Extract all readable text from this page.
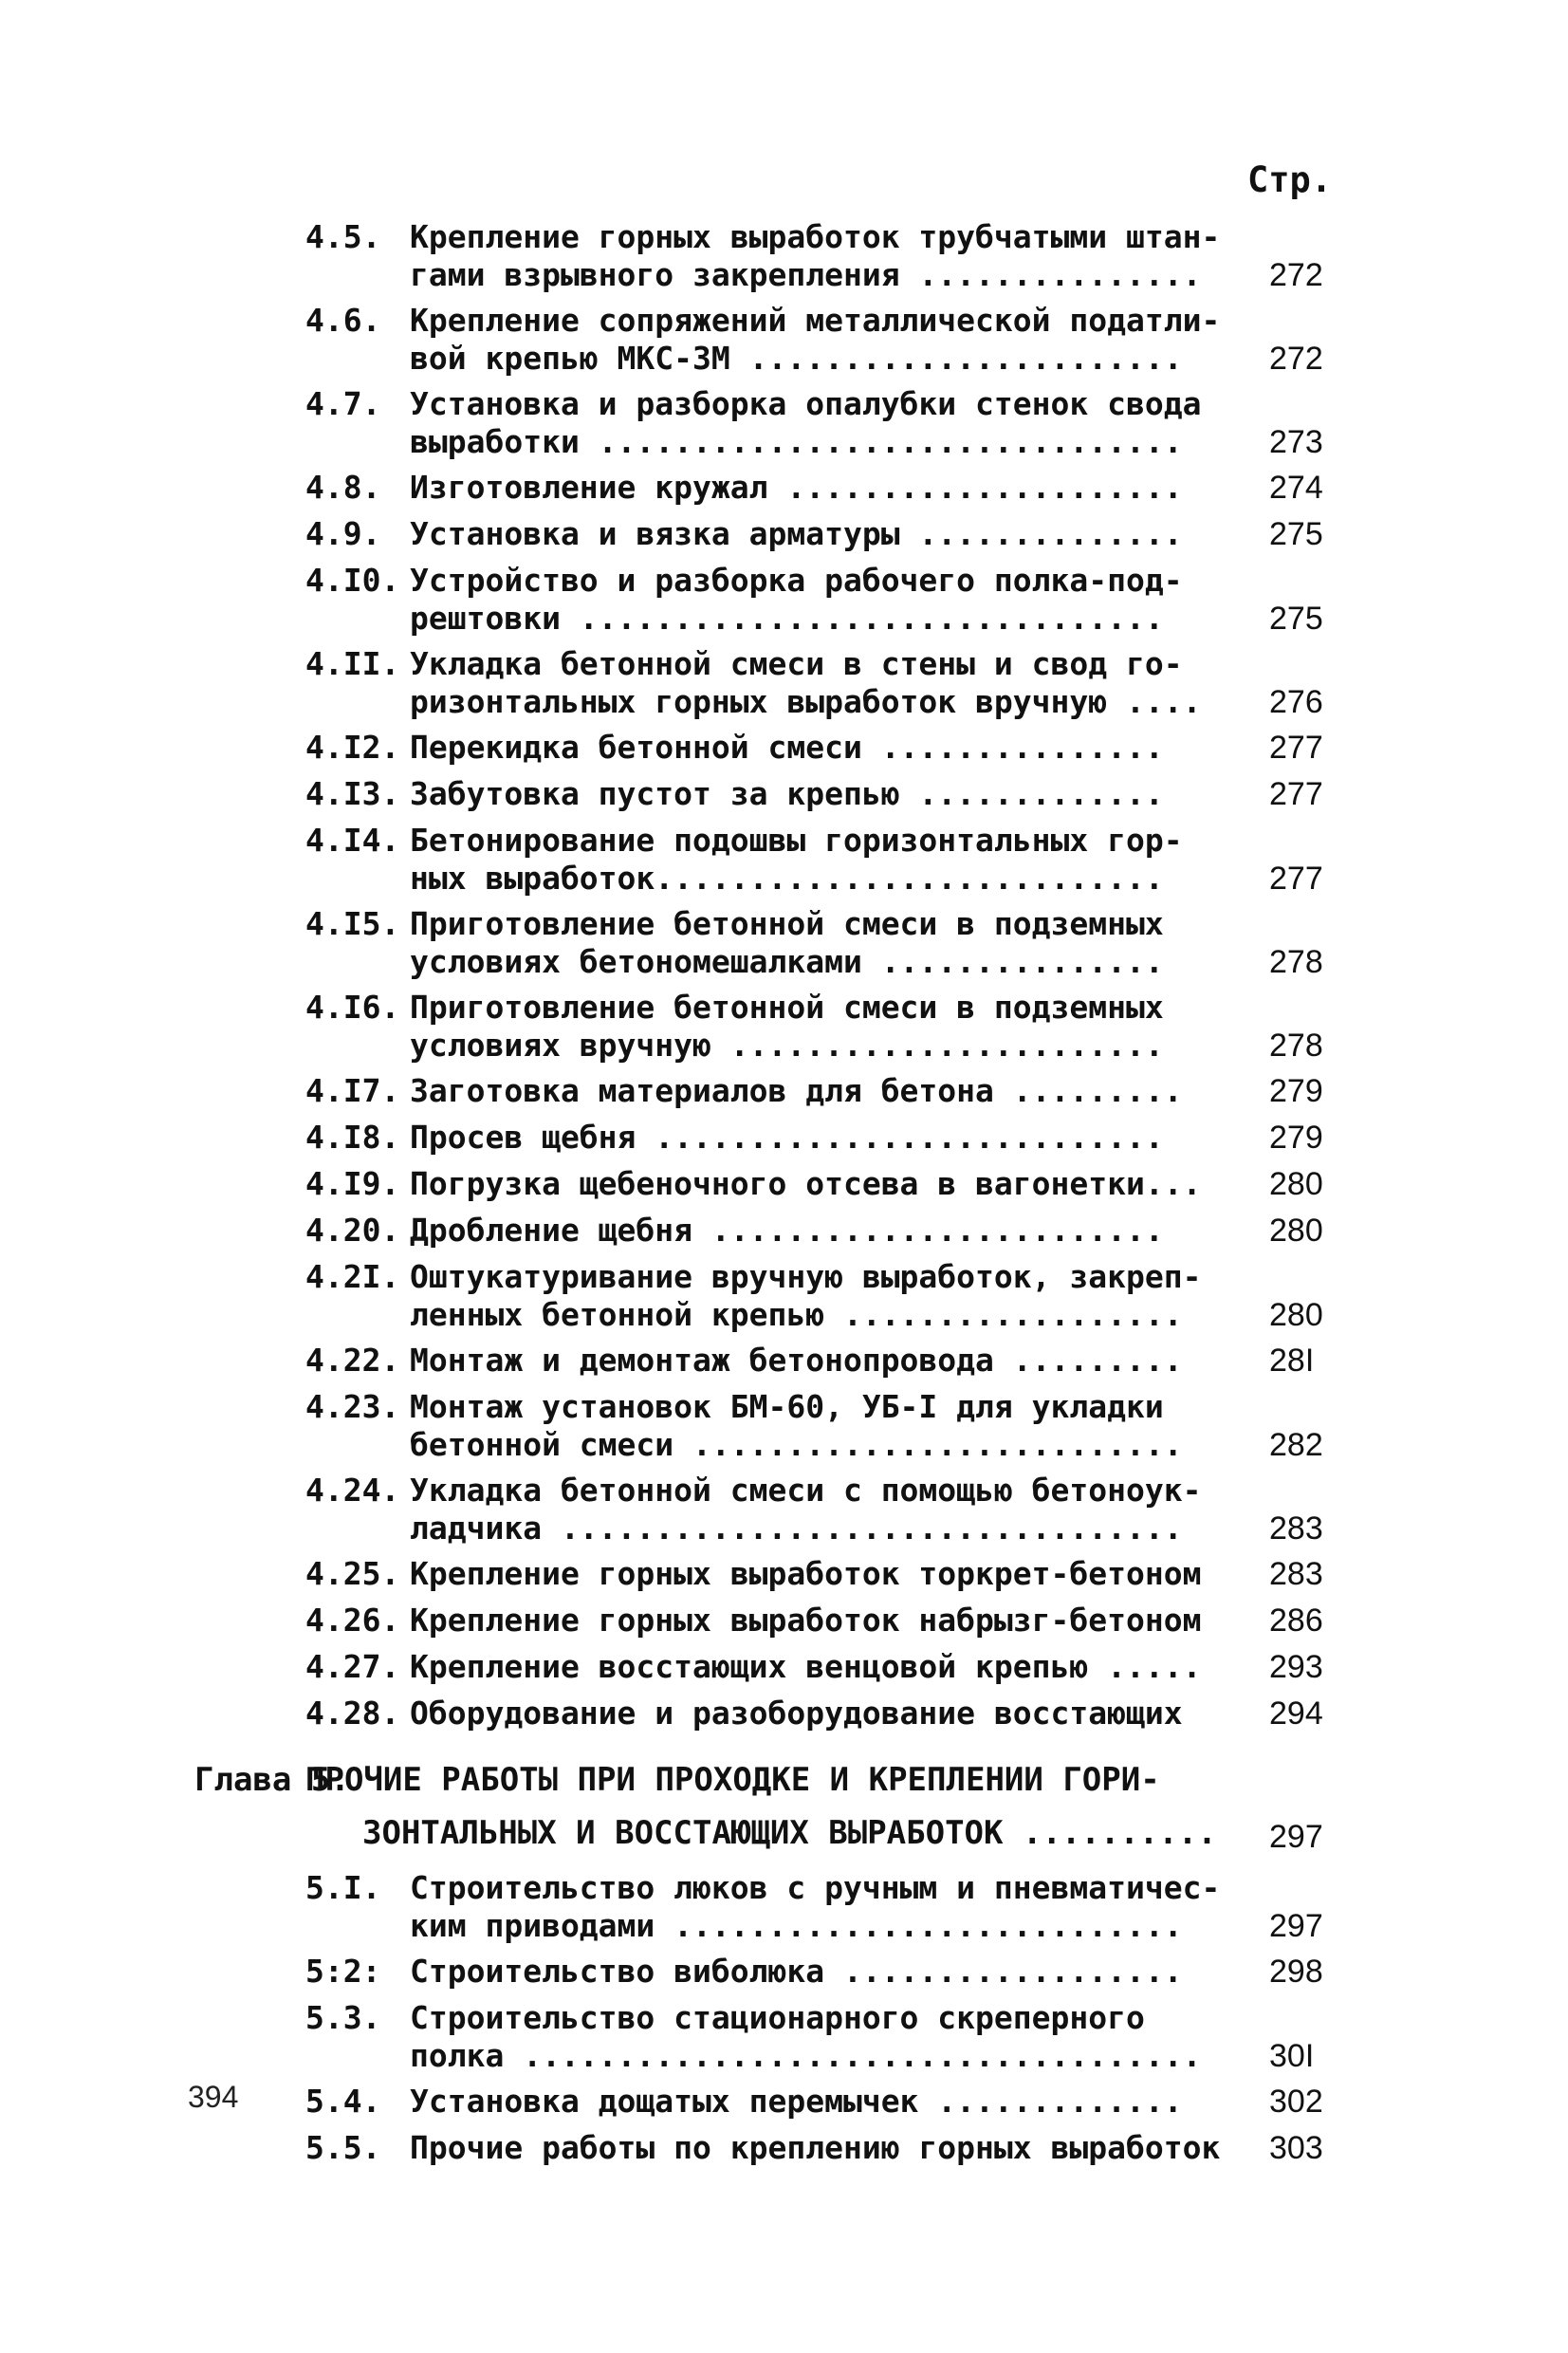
Стр.
4.5. Крепление горных выработок трубчатыми штан-
гами взрывного закрепления ...............	272
4.6. Крепление сопряжений металлической податли-
вой крепью МКС-ЗМ .......................	272
4.7. Установка и разборка опалубки стенок свода
выработки ...............................	273
4.8. Изготовление кружал .....................	274
4.9. Установка и вязка арматуры ..............	275
4.I0. Устройство и разборка рабочего полка-под-
рештовки ...............................	275
4.II. Укладка бетонной смеси в стены и свод го-
ризонтальных горных выработок вручную ....	276
4.I2. Перекидка бетонной смеси ...............	277
4.I3. Забутовка пустот за крепью .............	277
4.I4. Бетонирование подошвы горизонтальных гор-
ных выработок...........................	277
4.I5. Приготовление бетонной смеси в подземных
условиях бетономешалками ...............	278
4.I6. Приготовление бетонной смеси в подземных
условиях вручную .......................	278
4.I7. Заготовка материалов для бетона .........	279
4.I8. Просев щебня ...........................	279
4.I9. Погрузка щебеночного отсева в вагонетки...	280
4.20. Дробление щебня ........................	280
4.2I. Оштукатуривание вручную выработок, закреп-
ленных бетонной крепью ..................	280
4.22. Монтаж и демонтаж бетонопровода .........	28I
4.23. Монтаж установок БМ-60, УБ-I для укладки
бетонной смеси ..........................	282
4.24. Укладка бетонной смеси с помощью бетоноук-
ладчика .................................	283
4.25. Крепление горных выработок торкрет-бетоном	283
4.26. Крепление горных выработок набрызг-бетоном	286
4.27. Крепление восстающих венцовой крепью .....	293
4.28. Оборудование и разоборудование восстающих	294
Глава 5.
ПРОЧИЕ РАБОТЫ ПРИ ПРОХОДКЕ И КРЕПЛЕНИИ ГОРИ-
ЗОНТАЛЬНЫХ И ВОССТАЮЩИХ ВЫРАБОТОК .......... 297
5.I. Строительство люков с ручным и пневматичес-
ким приводами ...........................	297
5:2: Строительство виболюка ..................	298
5.3. Строительство стационарного скреперного
полка ....................................	30I
5.4. Установка дощатых перемычек .............	302
5.5. Прочие работы по креплению горных выработок 303
394
